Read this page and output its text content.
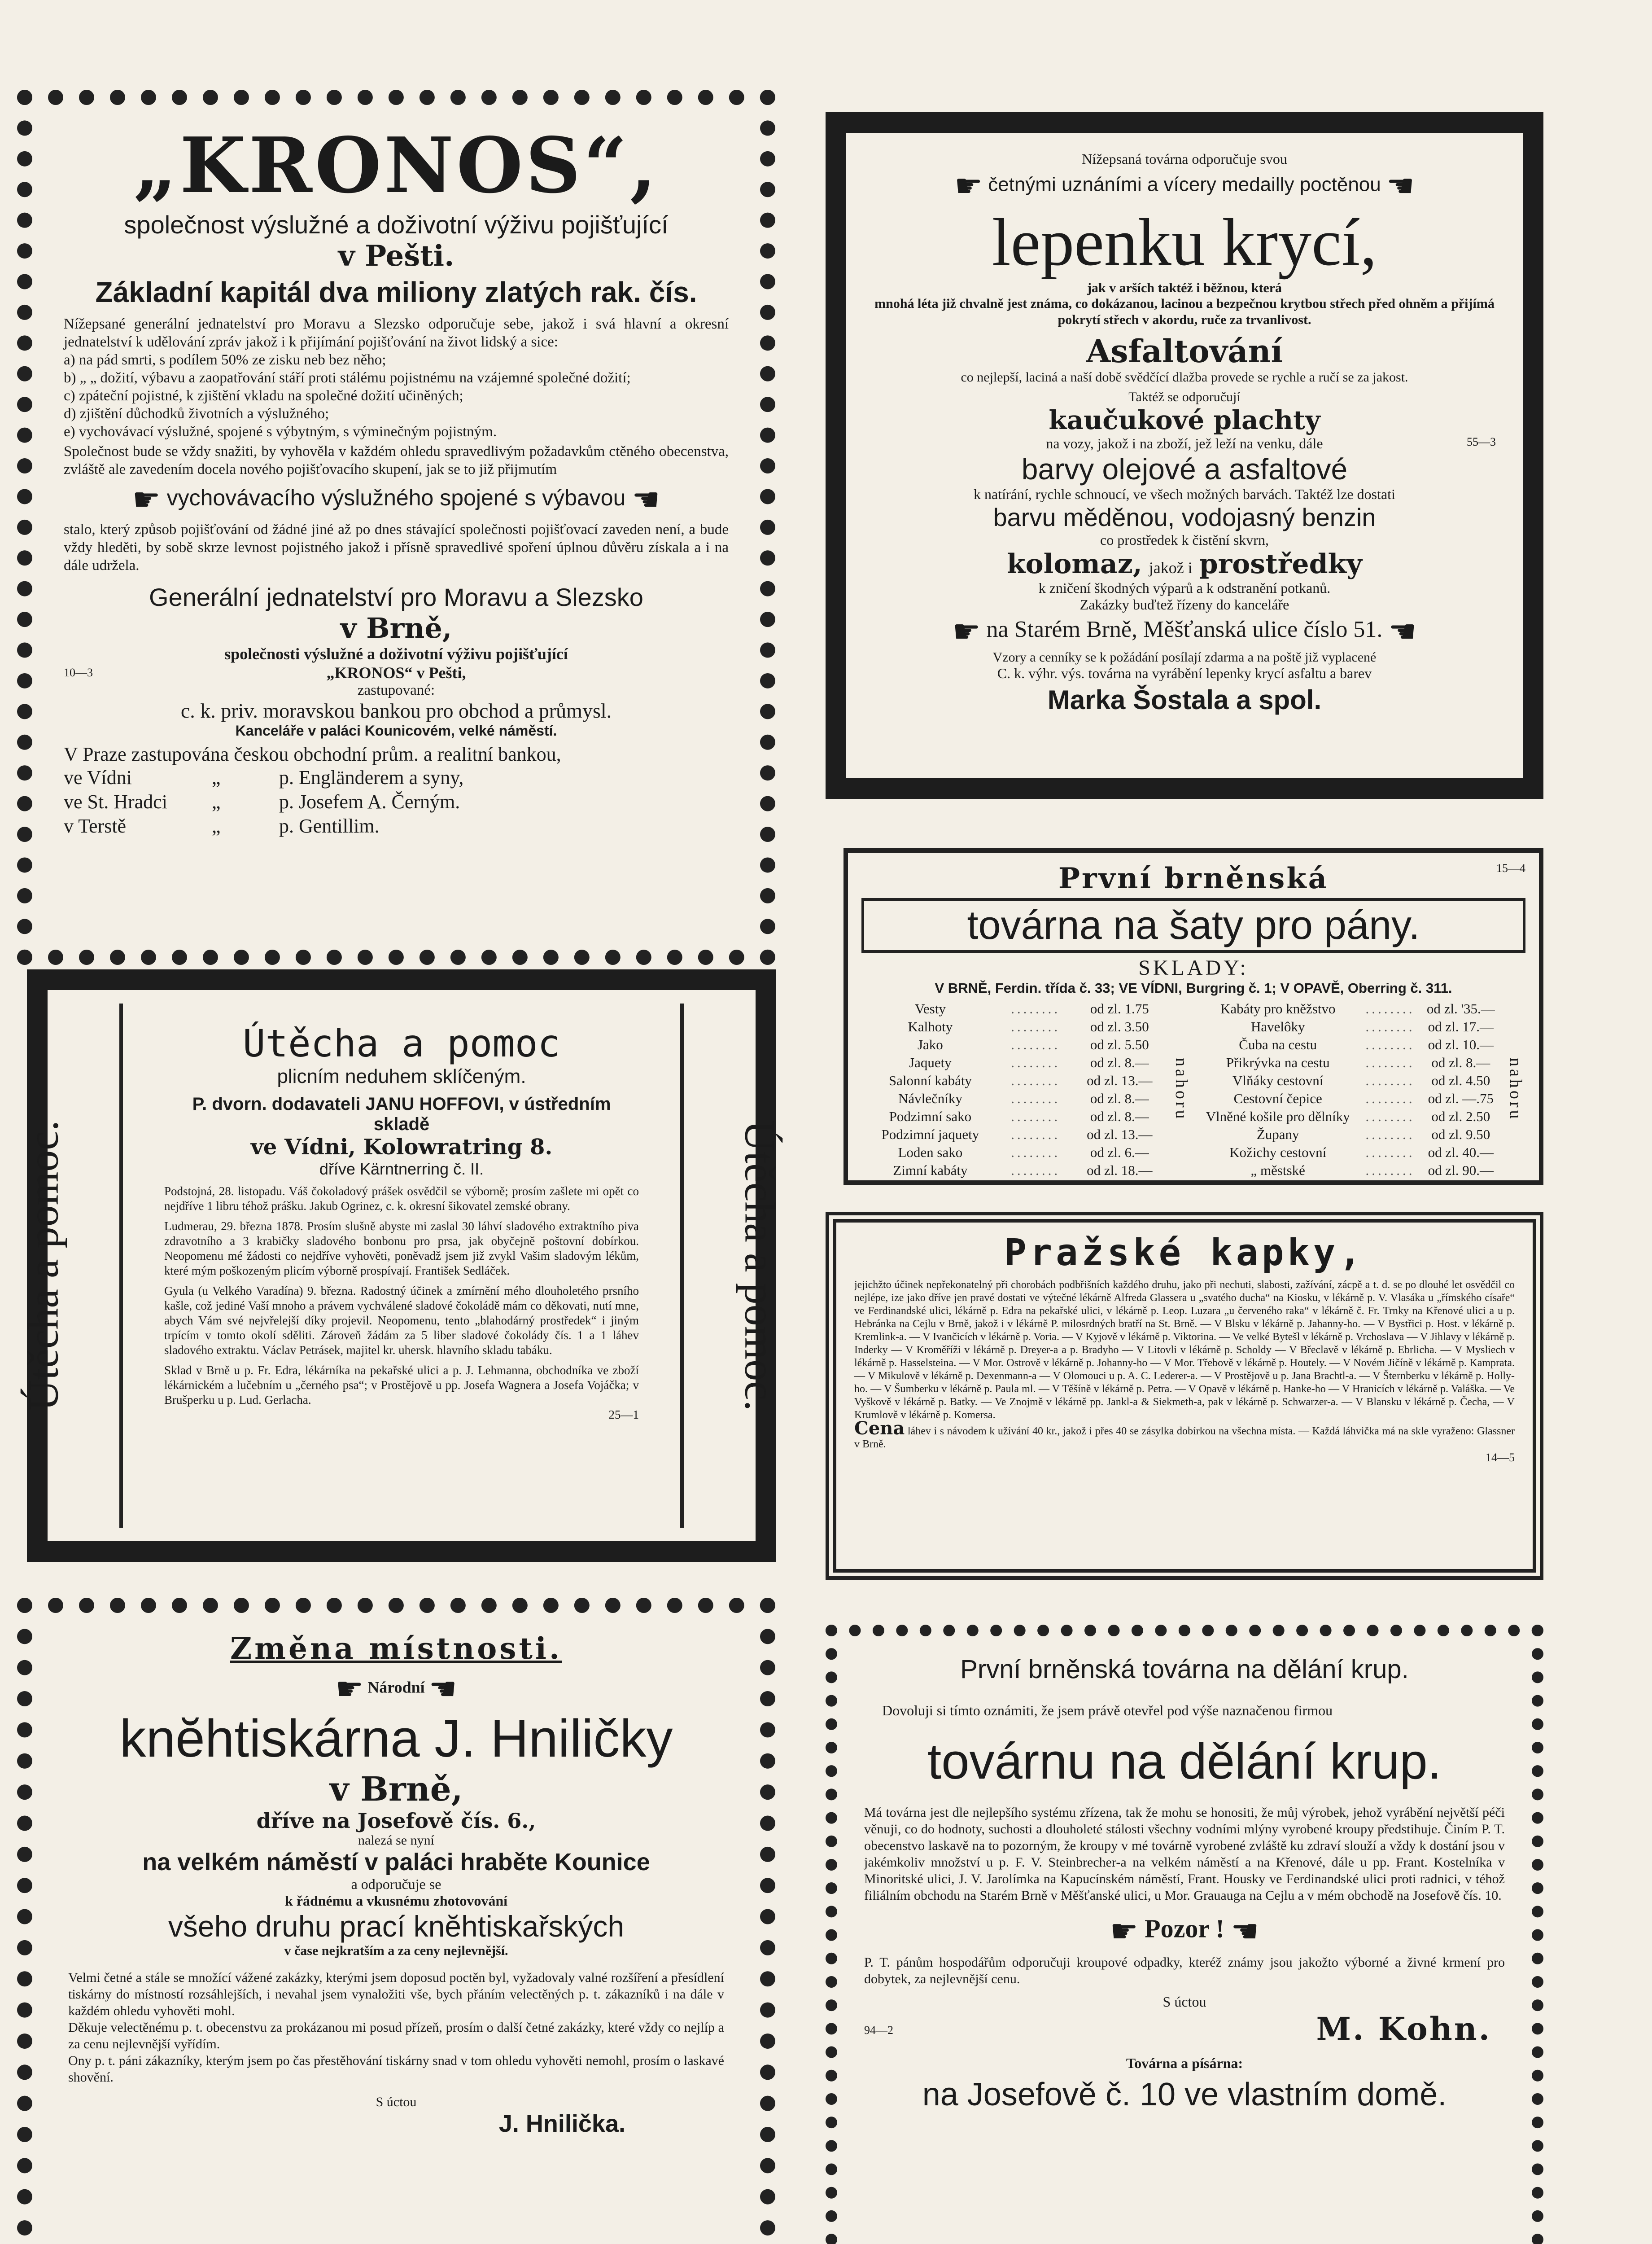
„KRONOS“,

společnost výslužné a doživotní výživu pojišťující

v Pešti.

Základní kapitál dva miliony zlatých rak. čís.

Nížepsané generální jednatelství pro Moravu a Slezsko odporučuje sebe, jakož i svá hlavní a okresní jednatelství k udělování zpráv jakož i k přijímání pojišťování na život lidský a sice:

a) na pád smrti, s podílem 50% ze zisku neb bez něho;

b) „ „ dožití, výbavu a zaopatřování stáří proti stálému pojistnému na vzájemné společné dožití;

c) zpáteční pojistné, k zjištění vkladu na společné dožití učiněných;

d) zjištění důchodků životních a výslužného;

e) vychovávací výslužné, spojené s výbytným, s výminečným pojistným.

Společnost bude se vždy snažiti, by vyhověla v každém ohledu spravedlivým požadavkům ctěného obecenstva, zvláště ale zavedením docela nového pojišťovacího skupení, jak se to již přijmutím

☛ vychovávacího výslužného spojené s výbavou ☚

stalo, který způsob pojišťování od žádné jiné až po dnes stávající společnosti pojišťovací zaveden není, a bude vždy hleděti, by sobě skrze levnost pojistného jakož i přísně spravedlivé spoření úplnou důvěru získala a i na dále udržela.

Generální jednatelství pro Moravu a Slezsko

v Brně,

společnosti výslužné a doživotní výživu pojišťující

10—3	„KRONOS“ v Pešti,

zastupované:

c. k. priv. moravskou bankou pro obchod a průmysl.

Kanceláře v paláci Kounicovém, velké náměstí.

V Praze zastupována českou obchodní prům. a realitní bankou,

ve Vídni	„	p. Engländerem a syny,
ve St. Hradci	„	p. Josefem A. Černým.
v Terstě	„	p. Gentillim.

Nížepsaná továrna odporučuje svou

☛ četnými uznáními a vícery medailly poctěnou ☚

lepenku krycí,

jak v arších taktéž i běžnou, která

mnohá léta již chvalně jest známa, co dokázanou, lacinou a bezpečnou krytbou střech před ohněm a přijímá pokrytí střech v akordu, ruče za trvanlivost.

Asfaltování

co nejlepší, laciná a naší době svědčící dlažba provede se rychle a ručí se za jakost.

Taktéž se odporučují

kaučukové plachty

na vozy, jakož i na zboží, jež leží na venku, dále	55—3

barvy olejové a asfaltové

k natírání, rychle schnoucí, ve všech možných barvách. Taktéž lze dostati

barvu měděnou, vodojasný benzin

co prostředek k čistění skvrn,

kolomaz, jakož i prostředky

k zničení škodných výparů a k odstranění potkanů.

Zakázky buďtež řízeny do kanceláře

☛ na Starém Brně, Měšťanská ulice číslo 51. ☚

Vzory a cenníky se k požádání posílají zdarma a na poště již vyplacené

C. k. výhr. výs. továrna na vyrábění lepenky krycí asfaltu a barev

Marka Šostala a spol.

První brněnská	15—4

továrna na šaty pro pány.

SKLADY:

V BRNĚ, Ferdin. třída č. 33; VE VÍDNI, Burgring č. 1; V OPAVĚ, Oberring č. 311.

Vesty	........	od zl. 1.75
Kalhoty	........	od zl. 3.50
Jako	........	od zl. 5.50
Jaquety	........	od zl. 8.—
Salonní kabáty	........	od zl. 13.—
Návlečníky	........	od zl. 8.—
Podzimní sako	........	od zl. 8.—
Podzimní jaquety	........	od zl. 13.—
Loden sako	........	od zl. 6.—
Zimní kabáty	........	od zl. 18.—
nahoru
Kabáty pro kněžstvo	........	od zl. '35.—
Havelôky	........	od zl. 17.—
Čuba na cestu	........	od zl. 10.—
Přikrývka na cestu	........	od zl. 8.—
Vlňáky cestovní	........	od zl. 4.50
Cestovní čepice	........	od zl. —.75
Vlněné košile pro dělníky	........	od zl. 2.50
Župany	........	od zl. 9.50
Kožichy cestovní	........	od zl. 40.—
„ městské	........	od zl. 90.—
nahoru
Útěcha a pomoc.	Útěcha a pomoc.

Útěcha a pomoc

plicním neduhem sklíčeným.

P. dvorn. dodavateli JANU HOFFOVI, v ústředním skladě

ve Vídni, Kolowratring 8.

dříve Kärntnerring č. II.

Podstojná, 28. listopadu. Váš čokoladový prášek osvědčil se výborně; prosím zašlete mi opět co nejdříve 1 libru téhož prášku. Jakub Ogrinez, c. k. okresní šikovatel zemské obrany.

Ludmerau, 29. března 1878. Prosím slušně abyste mi zaslal 30 láhví sladového extraktního piva zdravotního a 3 krabičky sladového bonbonu pro prsa, jak obyčejně poštovní dobírkou. Neopomenu mé žádosti co nejdříve vyhověti, poněvadž jsem již zvykl Vašim sladovým lékům, které mým poškozeným plicím výborně prospívají. František Sedláček.

Gyula (u Velkého Varadína) 9. března. Radostný účinek a zmírnění mého dlouholetého prsního kašle, což jediné Vaší mnoho a právem vychválené sladové čokoládě mám co děkovati, nutí mne, abych Vám své nejvřelejší díky projevil. Neopomenu, tento „blahodárný prostředek“ i jiným trpícím v tomto okolí sděliti. Zároveň žádám za 5 liber sladové čokolády čís. 1 a 1 láhev sladového extraktu. Václav Petrásek, majitel kr. uhersk. hlavního skladu tabáku.

Sklad v Brně u p. Fr. Edra, lékárníka na pekařské ulici a p. J. Lehmanna, obchodníka ve zboží lékárnickém a lučebním u „černého psa“; v Prostějově u pp. Josefa Wagnera a Josefa Vojáčka; v Brušperku u p. Lud. Gerlacha.

25—1

Pražské kapky,

jejichžto účinek nepřekonatelný při chorobách podbřišních každého druhu, jako při nechuti, slabosti, zažívání, zácpě a t. d. se po dlouhé let osvědčil co nejlépe, ize jako dříve jen pravé dostati ve výtečné lékárně Alfreda Glassera u „svatého ducha“ na Kiosku, v lékárně p. V. Vlasáka u „římského císaře“ ve Ferdinandské ulici, lékárně p. Edra na pekařské ulici, v lékárně p. Leop. Luzara „u červeného raka“ v lékárně č. Fr. Trnky na Křenové ulici a u p. Hebránka na Cejlu v Brně, jakož i v lékárně P. milosrdných bratří na St. Brně. — V Blsku v lékárně p. Jahanny-ho. — V Bystřici p. Host. v lékárně p. Kremlink-a. — V Ivančicích v lékárně p. Voria. — V Kyjově v lékárně p. Viktorina. — Ve velké Bytešl v lékárně p. Vrchoslava — V Jihlavy v lékárně p. Inderky — V Kroměříži v lékárně p. Dreyer-a a p. Bradyho — V Litovli v lékárně p. Scholdy — V Břeclavě v lékárně p. Ebrlicha. — V Mysliech v lékárně p. Hasselsteina. — V Mor. Ostrově v lékárně p. Johanny-ho — V Mor. Třebově v lékárně p. Houtely. — V Novém Jičíně v lékárně p. Kamprata. — V Mikulově v lékárně p. Dexenmann-a — V Olomouci u p. A. C. Lederer-a. — V Prostějově u p. Jana Brachtl-a. — V Šternberku v lékárně p. Holly-ho. — V Šumberku v lékárně p. Paula ml. — V Těšíně v lékárně p. Petra. — V Opavě v lékárně p. Hanke-ho — V Hranicích v lékárně p. Valáška. — Ve Vyškově v lékárně p. Batky. — Ve Znojmě v lékárně pp. Jankl-a & Siekmeth-a, pak v lékárně p. Schwarzer-a. — V Blansku v lékárně p. Čecha, — V Krumlově v lékárně p. Komersa.

Cena láhev i s návodem k užívání 40 kr., jakož i přes 40 se zásylka dobírkou na všechna místa. — Každá láhvička má na skle vyraženo: Glassner v Brně.

14—5

Změna místnosti.

☛ Národní ☚

knĕhtiskárna J. Hniličky

v Brně,

dříve na Josefově čís. 6.,

nalezá se nyní

na velkém náměstí v paláci hraběte Kounice

a odporučuje se

k řádnému a vkusnému zhotovování

všeho druhu prací knĕhtiskařských

v čase nejkratším a za ceny nejlevnější.

Velmi četné a stále se množící vážené zakázky, kterými jsem doposud poctěn byl, vyžadovaly valné rozšíření a přesídlení tiskárny do místností rozsáhlejších, i nevahal jsem vynaložiti vše, bych přáním velectěných p. t. zákazníků i na dále v každém ohledu vyhověti mohl.

Děkuje velectěnému p. t. obecenstvu za prokázanou mi posud přízeň, prosím o další četné zakázky, které vždy co nejlíp a za cenu nejlevnější vyřídím.

Ony p. t. páni zákazníky, kterým jsem po čas přestěhování tiskárny snad v tom ohledu vyhověti nemohl, prosím o laskavé shovění.

S úctou

J. Hnilička.

První brněnská továrna na dělání krup.

Dovoluji si tímto oznámiti, že jsem právě otevřel pod výše naznačenou firmou

továrnu na dělání krup.

Má továrna jest dle nejlepšího systému zřízena, tak že mohu se honositi, že můj výrobek, jehož vyrábění největší péči věnuji, co do hodnoty, suchosti a dlouholeté stálosti všechny vodními mlýny vyrobené kroupy předstihuje. Činím P. T. obecenstvo laskavě na to pozorným, že kroupy v mé továrně vyrobené zvláště ku zdraví slouží a vždy k dostání jsou v jakémkoliv množství u p. F. V. Steinbrecher-a na velkém náměstí a na Křenové, dále u pp. Frant. Kostelníka v Minoritské ulici, J. V. Jarolímka na Kapucínském náměstí, Frant. Housky ve Ferdinandské ulici proti radnici, v téhož filiálním obchodu na Starém Brně v Měšťanské ulici, u Mor. Grauauga na Cejlu a v mém obchodě na Josefově čís. 10.

☛ Pozor ! ☚

P. T. pánům hospodářům odporučuji kroupové odpadky, kteréž známy jsou jakožto výborné a živné krmení pro dobytek, za nejlevnější cenu.

S úctou

94—2	M. Kohn.

Továrna a písárna:

na Josefově č. 10 ve vlastním domě.
